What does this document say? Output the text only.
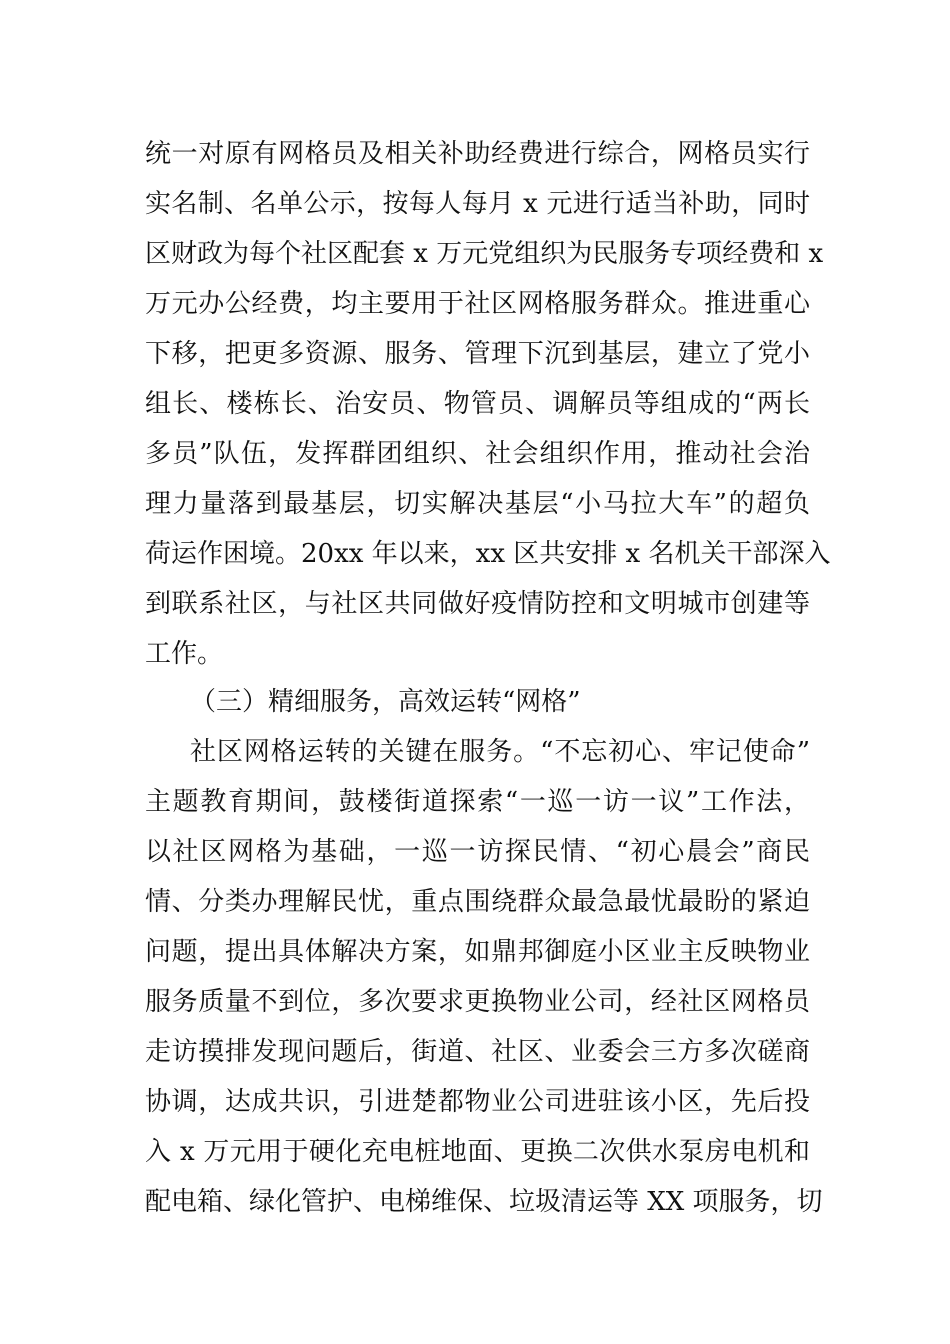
统一对原有网格员及相关补助经费进行综合，网格员实行
实名制、名单公示，按每人每月 x 元进行适当补助，同时
区财政为每个社区配套 x 万元党组织为民服务专项经费和 x
万元办公经费，均主要用于社区网格服务群众。推进重心
下移，把更多资源、服务、管理下沉到基层，建立了党小
组长、楼栋长、治安员、物管员、调解员等组成的“两长
多员”队伍，发挥群团组织、社会组织作用，推动社会治
理力量落到最基层，切实解决基层“小马拉大车”的超负
荷运作困境。20xx 年以来，xx 区共安排 x 名机关干部深入
到联系社区，与社区共同做好疫情防控和文明城市创建等
工作。
（三）精细服务，高效运转“网格”
社区网格运转的关键在服务。“不忘初心、牢记使命”
主题教育期间，鼓楼街道探索“一巡一访一议”工作法，
以社区网格为基础，一巡一访探民情、“初心晨会”商民
情、分类办理解民忧，重点围绕群众最急最忧最盼的紧迫
问题，提出具体解决方案，如鼎邦御庭小区业主反映物业
服务质量不到位，多次要求更换物业公司，经社区网格员
走访摸排发现问题后，街道、社区、业委会三方多次磋商
协调，达成共识，引进楚都物业公司进驻该小区，先后投
入 x 万元用于硬化充电桩地面、更换二次供水泵房电机和
配电箱、绿化管护、电梯维保、垃圾清运等 XX 项服务，切
